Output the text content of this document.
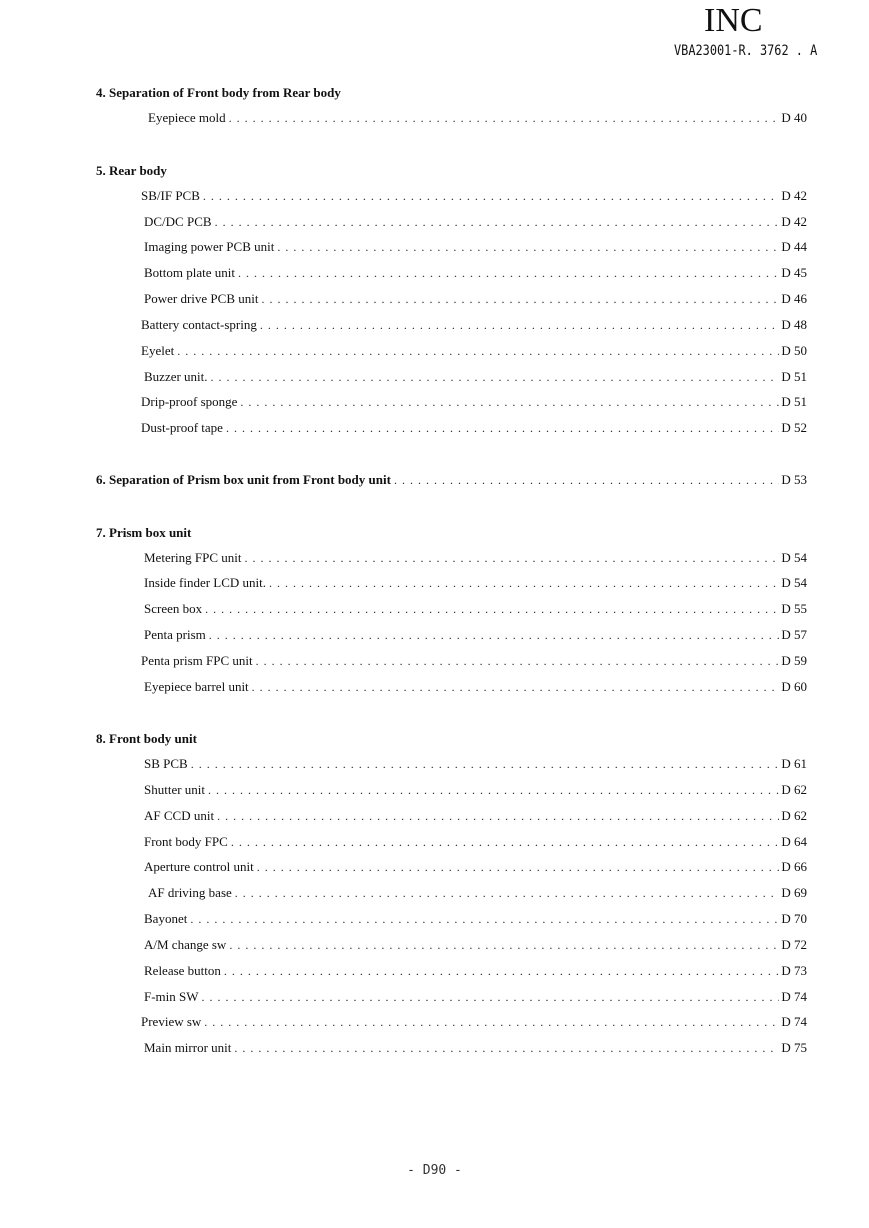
INC
VBA23001-R. 3762 . A
4. Separation of Front body from Rear body
Eyepiece mold . . .	D 40
5. Rear body
SB/IF PCB . . .	D 42
DC/DC PCB . . .	D 42
Imaging power PCB unit . . .	D 44
Bottom plate unit . . .	D 45
Power drive PCB unit . . .	D 46
Battery contact-spring . . .	D 48
Eyelet . . .	D 50
Buzzer unit. . . .	D 51
Drip-proof sponge . . .	D 51
Dust-proof tape . . .	D 52
6. Separation of Prism box unit from Front body unit . . .	D 53
7. Prism box unit
Metering FPC unit . . .	D 54
Inside finder LCD unit. . . .	D 54
Screen box . . .	D 55
Penta prism . . .	D 57
Penta prism FPC unit . . .	D 59
Eyepiece barrel unit . . .	D 60
8. Front body unit
SB PCB . . .	D 61
Shutter unit . . .	D 62
AF CCD unit . . .	D 62
Front body FPC . . .	D 64
Aperture control unit . . .	D 66
AF driving base . . .	D 69
Bayonet . . .	D 70
A/M change sw . . .	D 72
Release button . . .	D 73
F-min SW . . .	D 74
Preview sw . . .	D 74
Main mirror unit . . .	D 75
- D90 -
